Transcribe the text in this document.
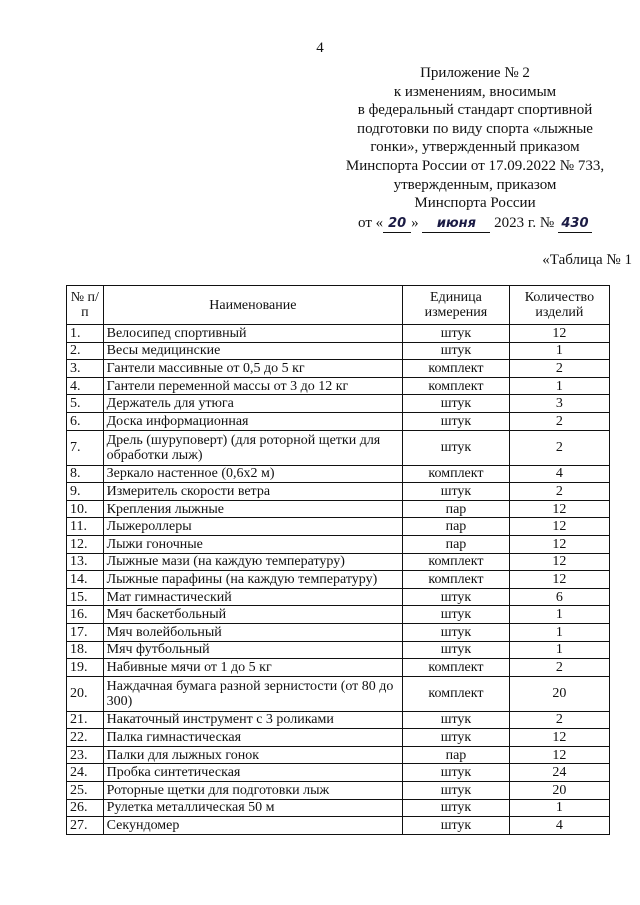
4
Приложение № 2
к изменениям, вносимым
в федеральный стандарт спортивной
подготовки по виду спорта «лыжные
гонки», утвержденный приказом
Минспорта России от 17.09.2022 № 733,
утвержденным, приказом
Минспорта России
от « 20 » июня 2023 г. № 430
«Таблица № 1
№ п/п	Наименование	Единица измерения	Количество изделий
1.	Велосипед спортивный	штук	12
2.	Весы медицинские	штук	1
3.	Гантели массивные от 0,5 до 5 кг	комплект	2
4.	Гантели переменной массы от 3 до 12 кг	комплект	1
5.	Держатель для утюга	штук	3
6.	Доска информационная	штук	2
7.	Дрель (шуруповерт) (для роторной щетки для обработки лыж)	штук	2
8.	Зеркало настенное (0,6х2 м)	комплект	4
9.	Измеритель скорости ветра	штук	2
10.	Крепления лыжные	пар	12
11.	Лыжероллеры	пар	12
12.	Лыжи гоночные	пар	12
13.	Лыжные мази (на каждую температуру)	комплект	12
14.	Лыжные парафины (на каждую температуру)	комплект	12
15.	Мат гимнастический	штук	6
16.	Мяч баскетбольный	штук	1
17.	Мяч волейбольный	штук	1
18.	Мяч футбольный	штук	1
19.	Набивные мячи от 1 до 5 кг	комплект	2
20.	Наждачная бумага разной зернистости (от 80 до 300)	комплект	20
21.	Накаточный инструмент с 3 роликами	штук	2
22.	Палка гимнастическая	штук	12
23.	Палки для лыжных гонок	пар	12
24.	Пробка синтетическая	штук	24
25.	Роторные щетки для подготовки лыж	штук	20
26.	Рулетка металлическая 50 м	штук	1
27.	Секундомер	штук	4
